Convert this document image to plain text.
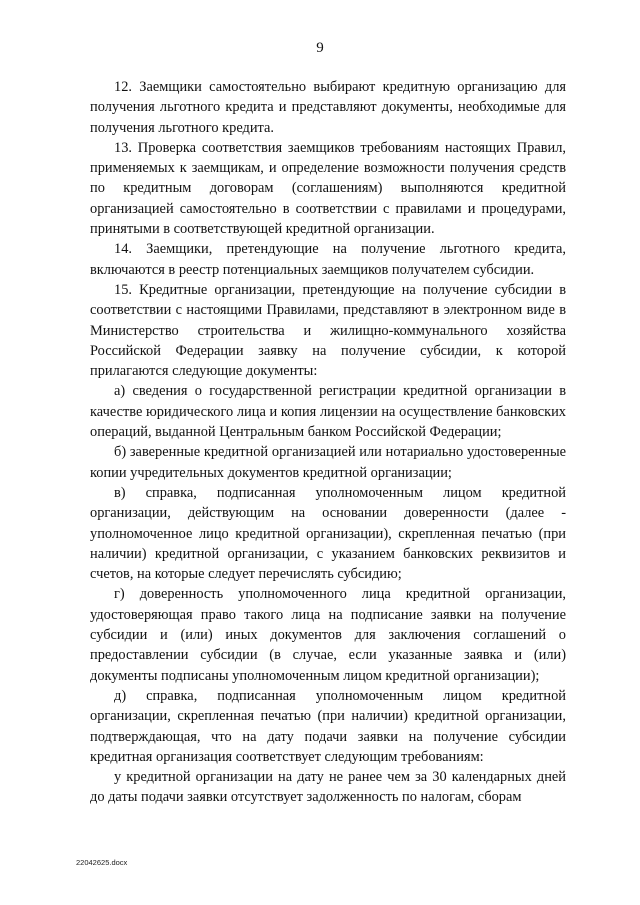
9

12. Заемщики самостоятельно выбирают кредитную организацию для получения льготного кредита и представляют документы, необходимые для получения льготного кредита.

13. Проверка соответствия заемщиков требованиям настоящих Правил, применяемых к заемщикам, и определение возможности получения средств по кредитным договорам (соглашениям) выполняются кредитной организацией самостоятельно в соответствии с правилами и процедурами, принятыми в соответствующей кредитной организации.

14. Заемщики, претендующие на получение льготного кредита, включаются в реестр потенциальных заемщиков получателем субсидии.

15. Кредитные организации, претендующие на получение субсидии в соответствии с настоящими Правилами, представляют в электронном виде в Министерство строительства и жилищно-коммунального хозяйства Российской Федерации заявку на получение субсидии, к которой прилагаются следующие документы:

а) сведения о государственной регистрации кредитной организации в качестве юридического лица и копия лицензии на осуществление банковских операций, выданной Центральным банком Российской Федерации;

б) заверенные кредитной организацией или нотариально удостоверенные копии учредительных документов кредитной организации;

в) справка, подписанная уполномоченным лицом кредитной организации, действующим на основании доверенности (далее - уполномоченное лицо кредитной организации), скрепленная печатью (при наличии) кредитной организации, с указанием банковских реквизитов и счетов, на которые следует перечислять субсидию;

г) доверенность уполномоченного лица кредитной организации, удостоверяющая право такого лица на подписание заявки на получение субсидии и (или) иных документов для заключения соглашений о предоставлении субсидии (в случае, если указанные заявка и (или) документы подписаны уполномоченным лицом кредитной организации);

д) справка, подписанная уполномоченным лицом кредитной организации, скрепленная печатью (при наличии) кредитной организации, подтверждающая, что на дату подачи заявки на получение субсидии кредитная организация соответствует следующим требованиям:

у кредитной организации на дату не ранее чем за 30 календарных дней до даты подачи заявки отсутствует задолженность по налогам, сборам

22042625.docx
